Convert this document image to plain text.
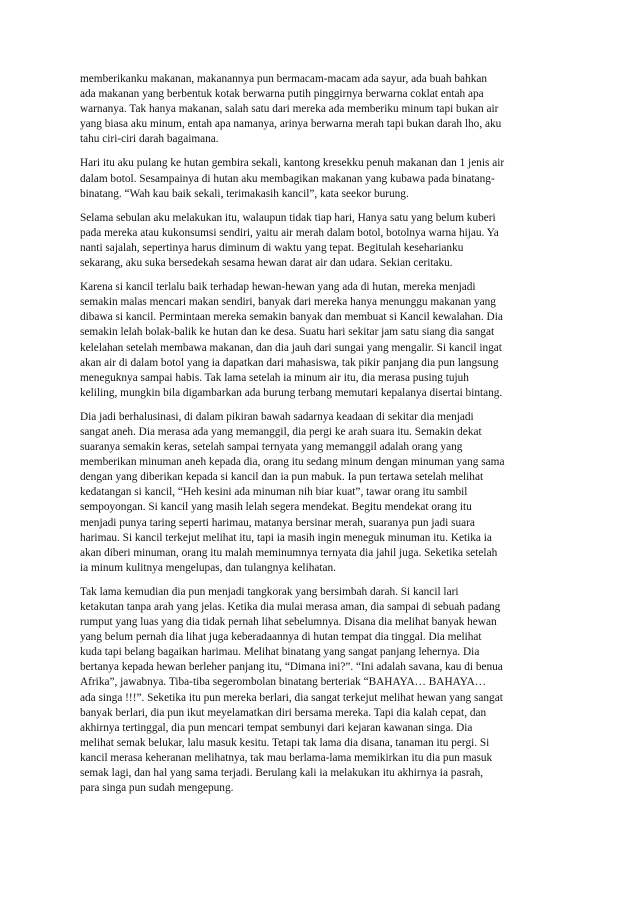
memberikanku makanan, makanannya pun bermacam-macam ada sayur, ada buah bahkan
ada makanan yang berbentuk kotak berwarna putih pinggirnya berwarna coklat entah apa
warnanya. Tak hanya makanan, salah satu dari mereka ada memberiku minum tapi bukan air
yang biasa aku minum, entah apa namanya, arinya berwarna merah tapi bukan darah lho, aku
tahu ciri-ciri darah bagaimana.

Hari itu aku pulang ke hutan gembira sekali, kantong kresekku penuh makanan dan 1 jenis air
dalam botol. Sesampainya di hutan aku membagikan makanan yang kubawa pada binatang-
binatang. “Wah kau baik sekali, terimakasih kancil”, kata seekor burung.

Selama sebulan aku melakukan itu, walaupun tidak tiap hari, Hanya satu yang belum kuberi
pada mereka atau kukonsumsi sendiri, yaitu air merah dalam botol, botolnya warna hijau. Ya
nanti sajalah, sepertinya harus diminum di waktu yang tepat. Begitulah kesehariank​u
sekarang, aku suka bersedekah sesama hewan darat air dan udara. Sekian ceritaku.

Karena si kancil terlalu baik terhadap hewan-hewan yang ada di hutan, mereka menjadi
semakin malas mencari makan sendiri, banyak dari mereka hanya menunggu makanan yang
dibawa si kancil. Permintaan mereka semakin banyak dan membuat si Kancil kewalahan. Dia
semakin lelah bolak-balik ke hutan dan ke desa. Suatu hari sekitar jam satu siang dia sangat
kelelahan setelah membawa makanan, dan dia jauh dari sungai yang mengalir. Si kancil ingat
akan air di dalam botol yang ia dapatkan dari mahasiswa, tak pikir panjang dia pun langsung
meneguknya sampai habis. Tak lama setelah ia minum air itu, dia merasa pusing tujuh
keliling, mungkin bila digambarkan ada burung terbang memutari kepalanya disertai bintang.

Dia jadi berhalusinasi, di dalam pikiran bawah sadarnya keadaan di sekitar dia menjadi
sangat aneh. Dia merasa ada yang memanggil, dia pergi ke arah suara itu. Semakin dekat
suaranya semakin keras, setelah sampai ternyata yang memanggil adalah orang yang
memberikan minuman aneh kepada dia, orang itu sedang minum dengan minuman yang sama
dengan yang diberikan kepada si kancil dan ia pun mabuk. Ia pun tertawa setelah melihat
kedatangan si kancil, “Heh kesini ada minuman nih biar kuat”, tawar orang itu sambil
sempoyongan. Si kancil yang masih lelah segera mendekat. Begitu mendekat orang itu
menjadi punya taring seperti harimau, matanya bersinar merah, suaranya pun jadi suara
harimau. Si kancil terkejut melihat itu, tapi ia masih ingin meneguk minuman itu. Ketika ia
akan diberi minuman, orang itu malah meminumnya ternyata dia jahil juga. Seketika setelah
ia minum kulitnya mengelupas, dan tulangnya kelihatan.

Tak lama kemudian dia pun menjadi tangkorak yang bersimbah darah. Si kancil lari
ketakutan tanpa arah yang jelas. Ketika dia mulai merasa aman, dia sampai di sebuah padang
rumput yang luas yang dia tidak pernah lihat sebelumnya. Disana dia melihat banyak hewan
yang belum pernah dia lihat juga keberadaannya di hutan tempat dia tinggal. Dia melihat
kuda tapi belang bagaikan harimau. Melihat binatang yang sangat panjang lehernya. Dia
bertanya kepada hewan berleher panjang itu, “Dimana ini?”. “Ini adalah savana, kau di benua
Afrika”, jawabnya. Tiba-tiba segerombolan binatang berteriak “BAHAYA… BAHAYA…
ada singa !!!”. Seketika itu pun mereka berlari, dia sangat terkejut melihat hewan yang sangat
banyak berlari, dia pun ikut meyelamatkan diri bersama mereka. Tapi dia kalah cepat, dan
akhirnya tertinggal, dia pun mencari tempat sembunyi dari kejaran kawanan singa. Dia
melihat semak belukar, lalu masuk kesitu. Tetapi tak lama dia disana, tanaman itu pergi. Si
kancil merasa keheranan melihatnya, tak mau berlama-lama memikirkan itu dia pun masuk
semak lagi, dan hal yang sama terjadi. Berulang kali ia melakukan itu akhirnya ia pasrah,
para singa pun sudah mengepung.
